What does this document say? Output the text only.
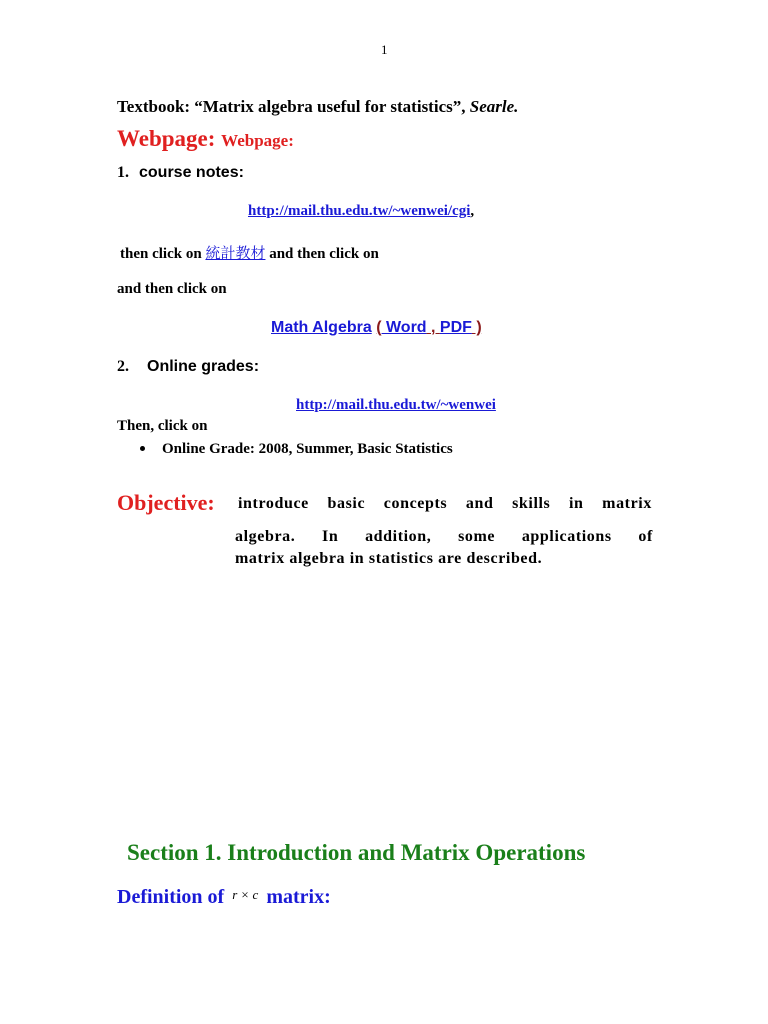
1
Textbook: “Matrix algebra useful for statistics”, Searle.
Webpage: Webpage:
1. course notes:
http://mail.thu.edu.tw/~wenwei/cgi,
then click on 統計教材 and then click on
and then click on
Math Algebra ( Word , PDF )
2. Online grades:
http://mail.thu.edu.tw/~wenwei
Then, click on
Online Grade: 2008, Summer, Basic Statistics
Objective: introduce basic concepts and skills in matrix
algebra. In addition, some applications of
matrix algebra in statistics are described.
Section 1. Introduction and Matrix Operations
Definition of $^{r \times c}$ matrix:
